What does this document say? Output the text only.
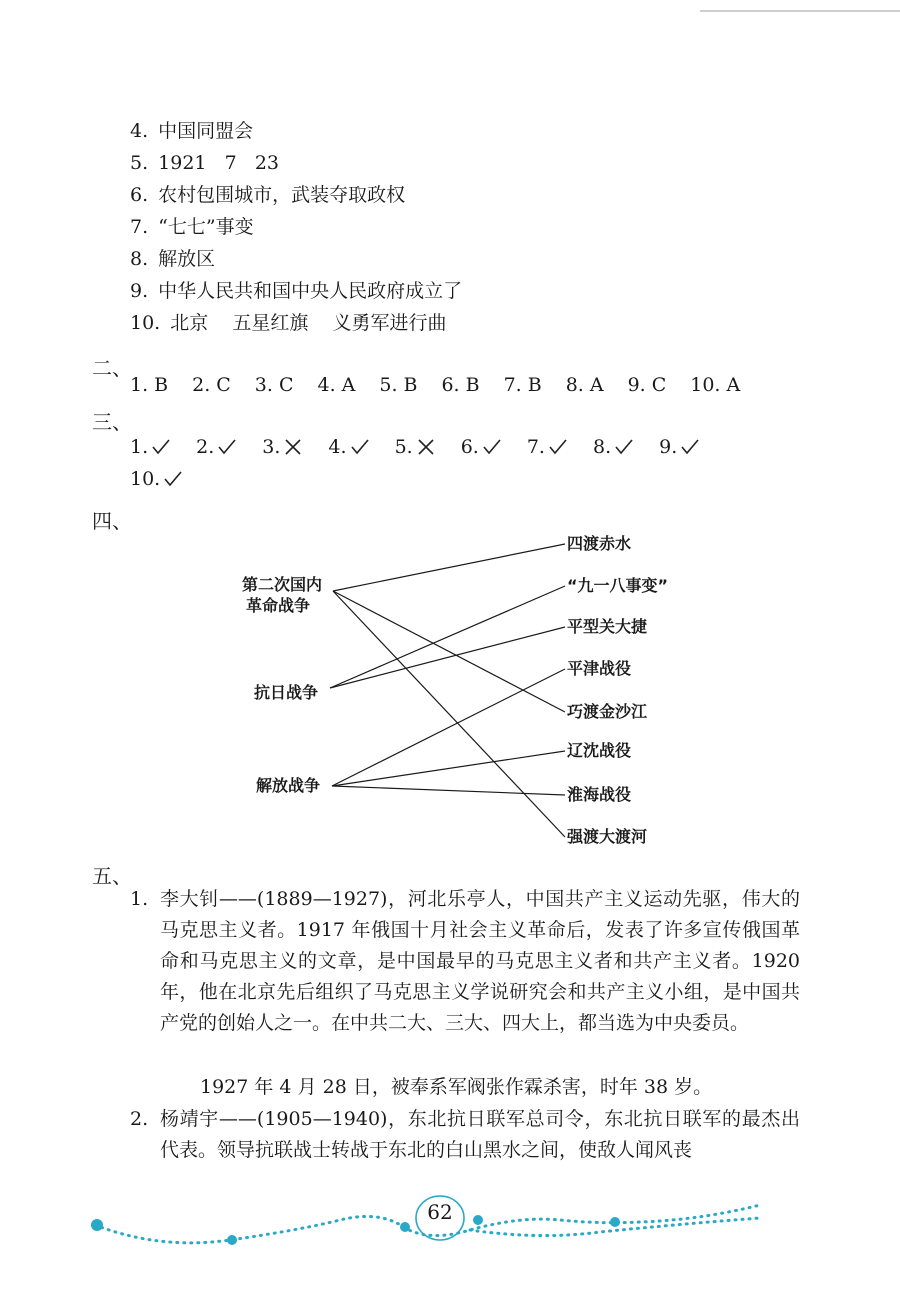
4. 中国同盟会
5. 1921   7   23
6. 农村包围城市，武装夺取政权
7. “七七”事变
8. 解放区
9. 中华人民共和国中央人民政府成立了
10. 北京    五星红旗    义勇军进行曲
二、
1. B 2. C 3. C 4. A 5. B 6. B 7. B 8. A 9. C 10. A
三、
1.	2.	3.	4.	5.	6.	7.	8.	9.
10.
四、
第二次国内
革命战争
抗日战争
解放战争
四渡赤水
“九一八事变”
平型关大捷
平津战役
巧渡金沙江
辽沈战役
淮海战役
强渡大渡河
五、
1. 李大钊——(1889—1927)，河北乐亭人，中国共产主义运动先驱，伟大的马克思主义者。1917 年俄国十月社会主义革命后，发表了许多宣传俄国革命和马克思主义的文章，是中国最早的马克思主义者和共产主义者。1920 年，他在北京先后组织了马克思主义学说研究会和共产主义小组，是中国共产党的创始人之一。在中共二大、三大、四大上，都当选为中央委员。
1927 年 4 月 28 日，被奉系军阀张作霖杀害，时年 38 岁。
2. 杨靖宇——(1905—1940)，东北抗日联军总司令，东北抗日联军的最杰出代表。领导抗联战士转战于东北的白山黑水之间，使敌人闻风丧
62
